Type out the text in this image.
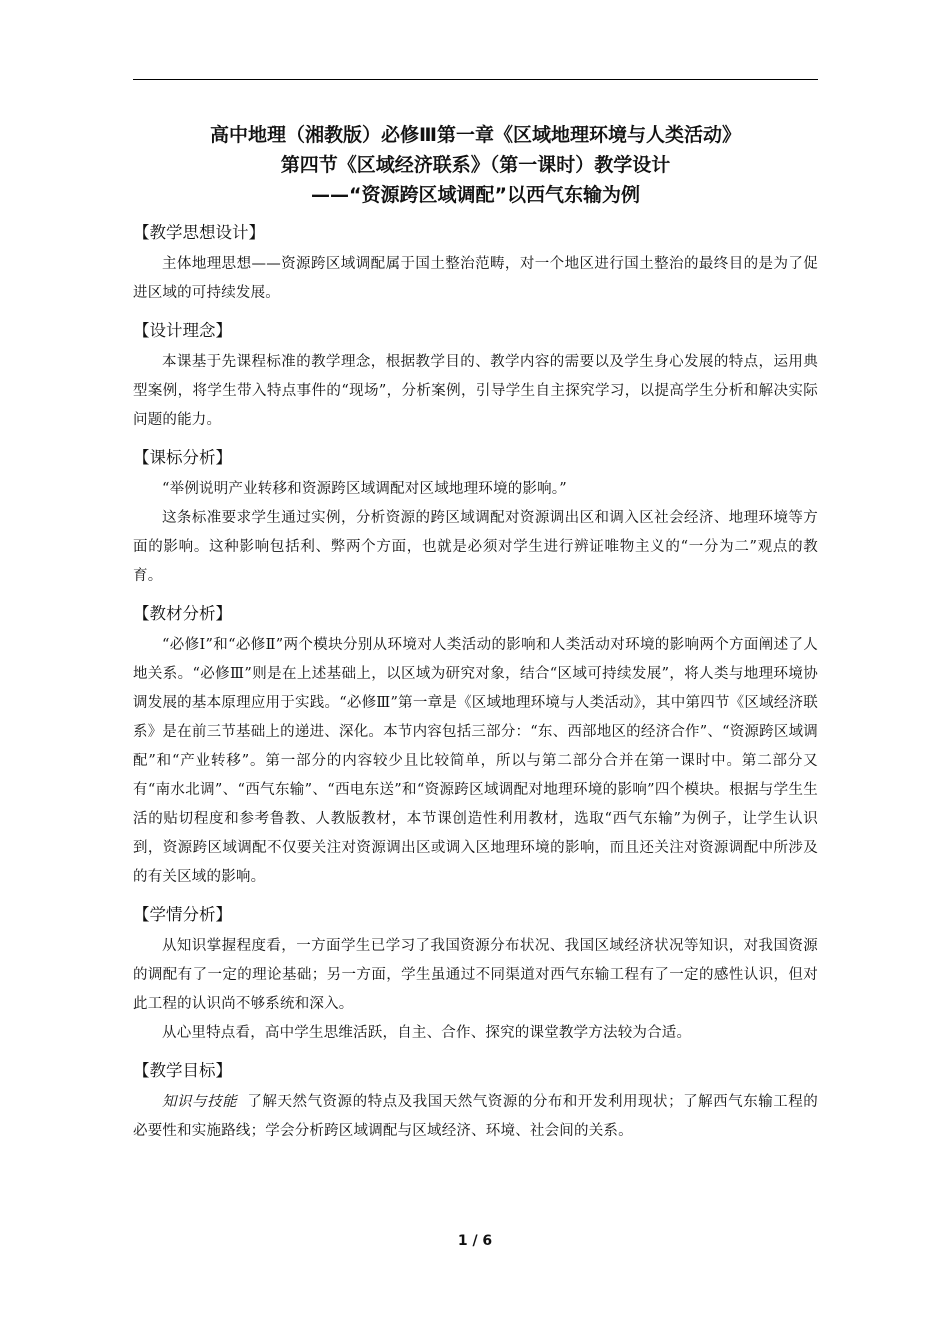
高中地理（湘教版）必修Ⅲ第一章《区域地理环境与人类活动》

第四节《区域经济联系》（第一课时）教学设计

——“资源跨区域调配”以西气东输为例

【教学思想设计】

主体地理思想——资源跨区域调配属于国土整治范畴，对一个地区进行国土整治的最终目的是为了促进区域的可持续发展。

【设计理念】

本课基于先课程标准的教学理念，根据教学目的、教学内容的需要以及学生身心发展的特点，运用典型案例，将学生带入特点事件的“现场”，分析案例，引导学生自主探究学习，以提高学生分析和解决实际问题的能力。

【课标分析】

“举例说明产业转移和资源跨区域调配对区域地理环境的影响。”

这条标准要求学生通过实例，分析资源的跨区域调配对资源调出区和调入区社会经济、地理环境等方面的影响。这种影响包括利、弊两个方面，也就是必须对学生进行辨证唯物主义的“一分为二”观点的教育。

【教材分析】

“必修Ⅰ”和“必修Ⅱ”两个模块分别从环境对人类活动的影响和人类活动对环境的影响两个方面阐述了人地关系。“必修Ⅲ”则是在上述基础上，以区域为研究对象，结合“区域可持续发展”，将人类与地理环境协调发展的基本原理应用于实践。“必修Ⅲ”第一章是《区域地理环境与人类活动》，其中第四节《区域经济联系》是在前三节基础上的递进、深化。本节内容包括三部分：“东、西部地区的经济合作”、“资源跨区域调配”和“产业转移”。第一部分的内容较少且比较简单，所以与第二部分合并在第一课时中。第二部分又有“南水北调”、“西气东输”、“西电东送”和“资源跨区域调配对地理环境的影响”四个模块。根据与学生生活的贴切程度和参考鲁教、人教版教材，本节课创造性利用教材，选取“西气东输”为例子，让学生认识到，资源跨区域调配不仅要关注对资源调出区或调入区地理环境的影响，而且还关注对资源调配中所涉及的有关区域的影响。

【学情分析】

从知识掌握程度看，一方面学生已学习了我国资源分布状况、我国区域经济状况等知识，对我国资源的调配有了一定的理论基础；另一方面，学生虽通过不同渠道对西气东输工程有了一定的感性认识，但对此工程的认识尚不够系统和深入。

从心里特点看，高中学生思维活跃，自主、合作、探究的课堂教学方法较为合适。

【教学目标】

知识与技能 了解天然气资源的特点及我国天然气资源的分布和开发利用现状；了解西气东输工程的必要性和实施路线；学会分析跨区域调配与区域经济、环境、社会间的关系。

1 / 6
